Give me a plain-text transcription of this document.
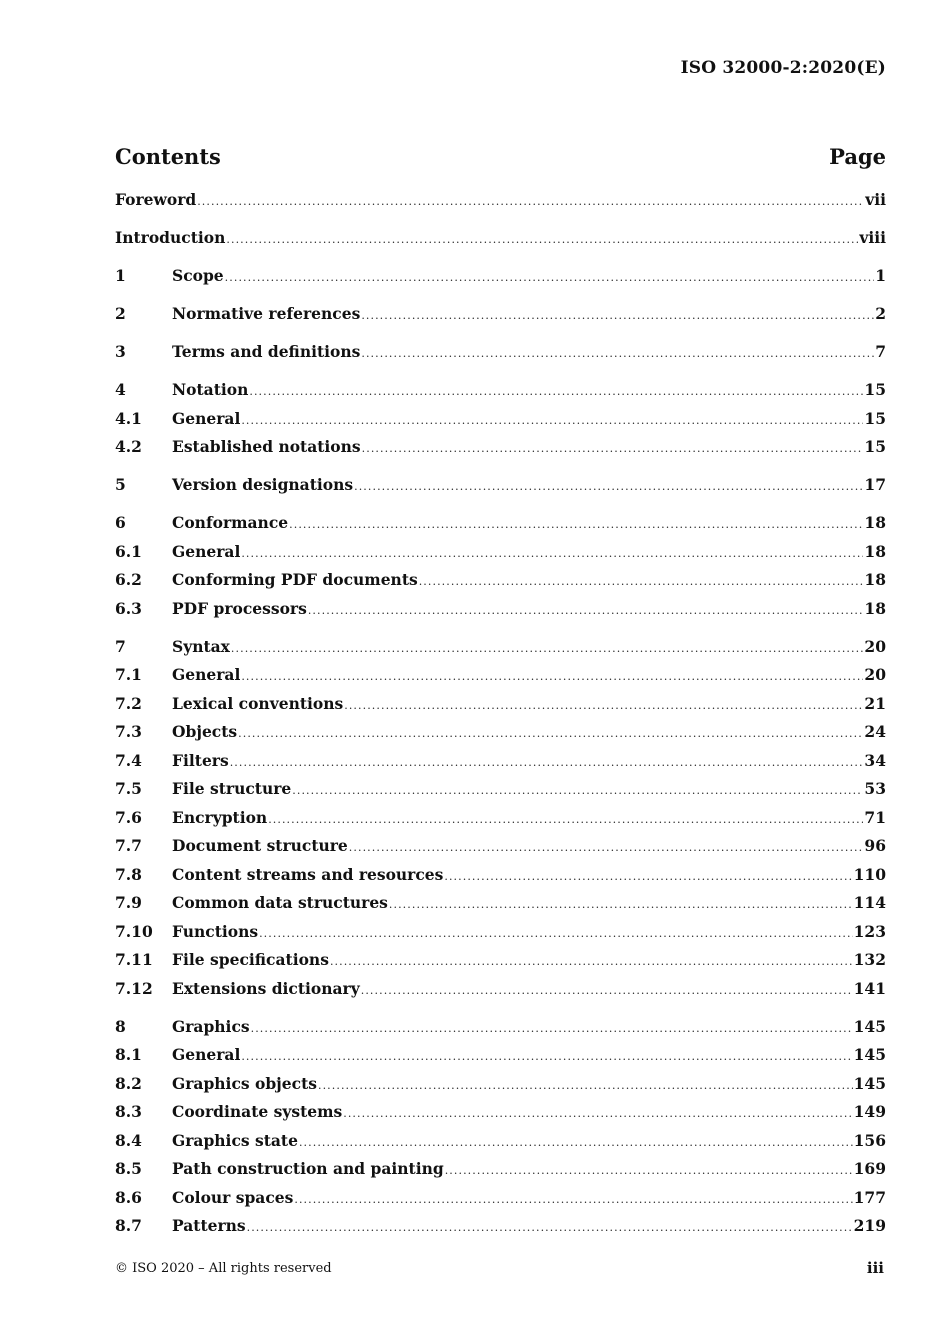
ISO 32000-2:2020(E)
Contents	Page
Foreword . . .	vii
Introduction . . .	viii
1	Scope . . .	1
2	Normative references . . .	2
3	Terms and definitions . . .	7
4	Notation . . .	15
4.1	General . . .	15
4.2	Established notations . . .	15
5	Version designations . . .	17
6	Conformance . . .	18
6.1	General . . .	18
6.2	Conforming PDF documents . . .	18
6.3	PDF processors . . .	18
7	Syntax . . .	20
7.1	General . . .	20
7.2	Lexical conventions . . .	21
7.3	Objects . . .	24
7.4	Filters . . .	34
7.5	File structure . . .	53
7.6	Encryption . . .	71
7.7	Document structure . . .	96
7.8	Content streams and resources . . .	110
7.9	Common data structures . . .	114
7.10	Functions . . .	123
7.11	File specifications . . .	132
7.12	Extensions dictionary . . .	141
8	Graphics . . .	145
8.1	General . . .	145
8.2	Graphics objects . . .	145
8.3	Coordinate systems . . .	149
8.4	Graphics state . . .	156
8.5	Path construction and painting . . .	169
8.6	Colour spaces . . .	177
8.7	Patterns . . .	219
© ISO 2020 – All rights reserved	iii
